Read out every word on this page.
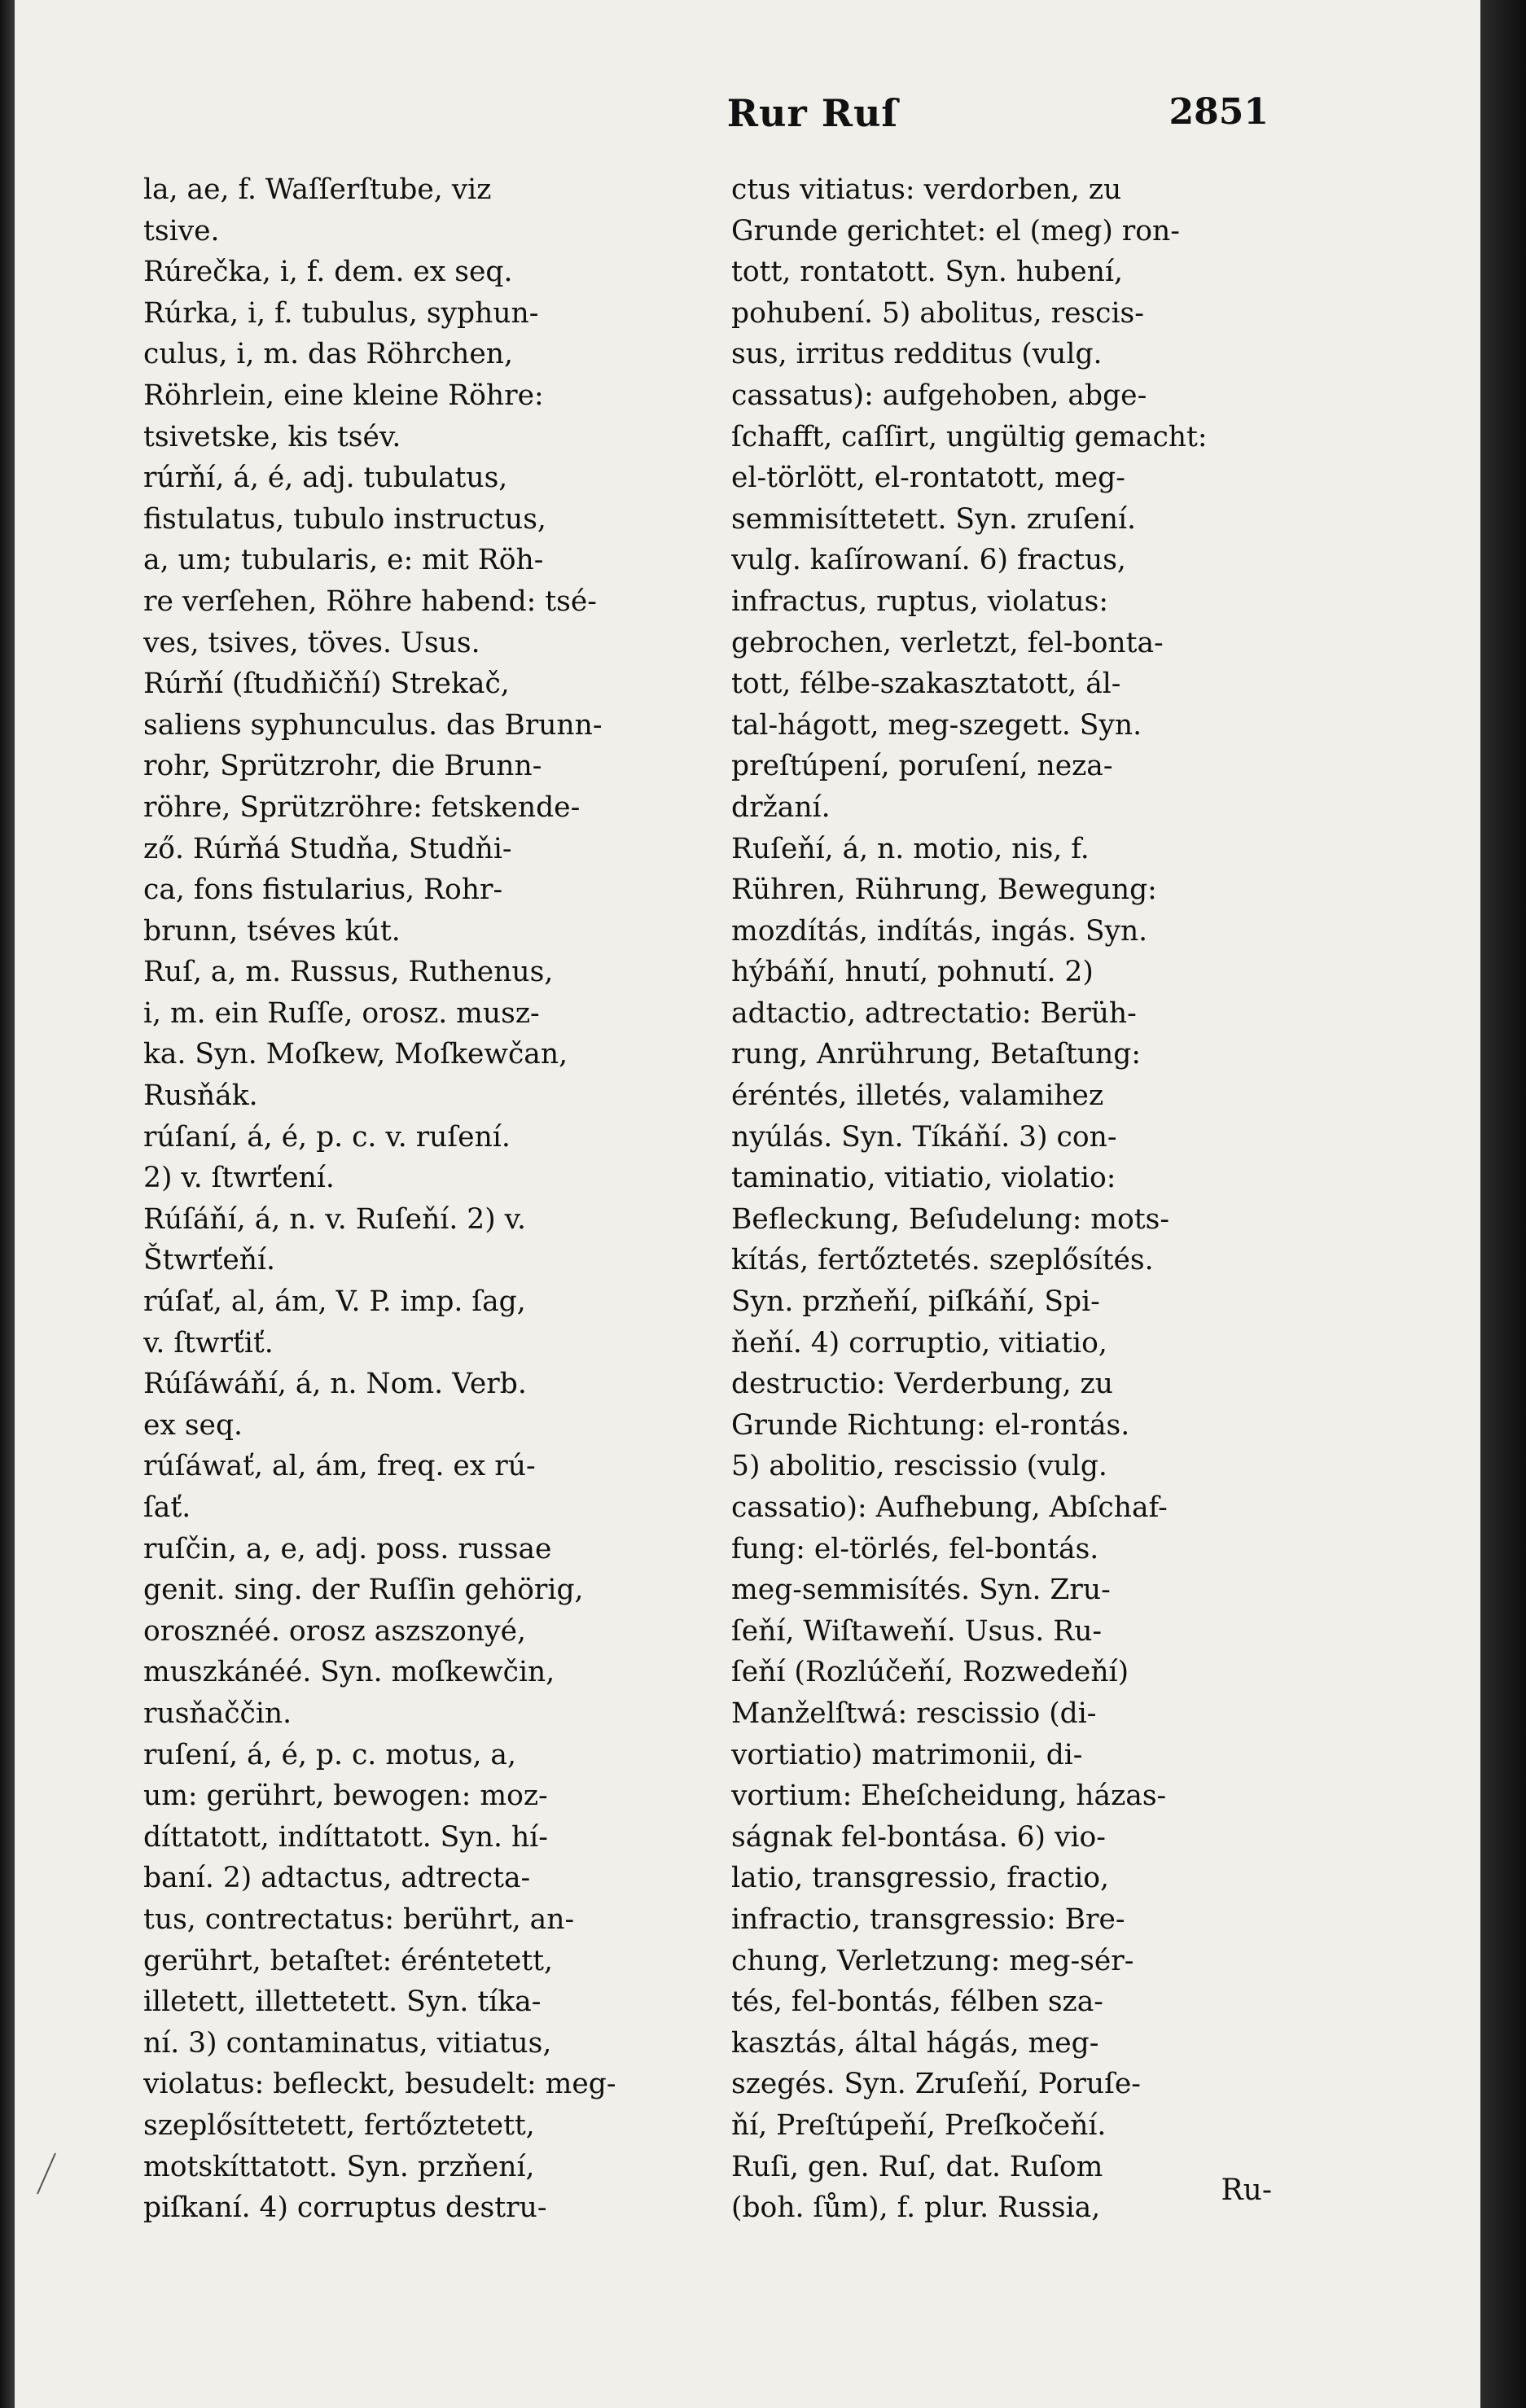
Rur Ruſ	2851
la, ae, f. Waſſerſtube, viz
tsive.
Rúrečka, i, f. dem. ex seq.
Rúrka, i, f. tubulus, syphun-
culus, i, m. das Röhrchen,
Röhrlein, eine kleine Röhre:
tsivetske, kis tsév.
rúrňí, á, é, adj. tubulatus,
fistulatus, tubulo instructus,
a, um; tubularis, e: mit Röh-
re verſehen, Röhre habend: tsé-
ves, tsives, töves. Usus.
Rúrňí (ſtudňičňí) Strekač,
saliens syphunculus. das Brunn-
rohr, Sprützrohr, die Brunn-
röhre, Sprützröhre: fetskende-
ző. Rúrňá Studňa, Studňi-
ca, fons fistularius, Rohr-
brunn, tséves kút.
Ruſ, a, m. Russus, Ruthenus,
i, m. ein Ruſſe, orosz. musz-
ka. Syn. Moſkew, Moſkewčan,
Rusňák.
rúſaní, á, é, p. c. v. ruſení.
2) v. ſtwrťení.
Rúſáňí, á, n. v. Ruſeňí. 2) v.
Štwrťeňí.
rúſať, al, ám, V. P. imp. ſag,
v. ſtwrťiť.
Rúſáwáňí, á, n. Nom. Verb.
ex seq.
rúſáwať, al, ám, freq. ex rú-
ſať.
ruſčin, a, e, adj. poss. russae
genit. sing. der Ruſſin gehörig,
orosznéé. orosz aszszonyé,
muszkánéé. Syn. moſkewčin,
rusňaččin.
ruſení, á, é, p. c. motus, a,
um: gerührt, bewogen: moz-
díttatott, indíttatott. Syn. hí-
baní. 2) adtactus, adtrecta-
tus, contrectatus: berührt, an-
gerührt, betaſtet: éréntetett,
illetett, illettetett. Syn. tíka-
ní. 3) contaminatus, vitiatus,
violatus: befleckt, besudelt: meg-
szeplősíttetett, fertőztetett,
motskíttatott. Syn. przňení,
piſkaní. 4) corruptus destru-
ctus vitiatus: verdorben, zu
Grunde gerichtet: el (meg) ron-
tott, rontatott. Syn. hubení,
pohubení. 5) abolitus, rescis-
sus, irritus redditus (vulg.
cassatus): aufgehoben, abge-
ſchafft, caſſirt, ungültig gemacht:
el-törlött, el-rontatott, meg-
semmisíttetett. Syn. zruſení.
vulg. kaſírowaní. 6) fractus,
infractus, ruptus, violatus:
gebrochen, verletzt, fel-bonta-
tott, félbe-szakasztatott, ál-
tal-hágott, meg-szegett. Syn.
preſtúpení, poruſení, neza-
držaní.
Ruſeňí, á, n. motio, nis, f.
Rühren, Rührung, Bewegung:
mozdítás, indítás, ingás. Syn.
hýbáňí, hnutí, pohnutí. 2)
adtactio, adtrectatio: Berüh-
rung, Anrührung, Betaſtung:
éréntés, illetés, valamihez
nyúlás. Syn. Tíkáňí. 3) con-
taminatio, vitiatio, violatio:
Befleckung, Beſudelung: mots-
kítás, fertőztetés. szeplősítés.
Syn. przňeňí, piſkáňí, Spi-
ňeňí. 4) corruptio, vitiatio,
destructio: Verderbung, zu
Grunde Richtung: el-rontás.
5) abolitio, rescissio (vulg.
cassatio): Aufhebung, Abſchaf-
fung: el-törlés, fel-bontás.
meg-semmisítés. Syn. Zru-
ſeňí, Wiſtaweňí. Usus. Ru-
ſeňí (Rozlúčeňí, Rozwedeňí)
Manželſtwá: rescissio (di-
vortiatio) matrimonii, di-
vortium: Eheſcheidung, házas-
ságnak fel-bontása. 6) vio-
latio, transgressio, fractio,
infractio, transgressio: Bre-
chung, Verletzung: meg-sér-
tés, fel-bontás, félben sza-
kasztás, által hágás, meg-
szegés. Syn. Zruſeňí, Poruſe-
ňí, Preſtúpeňí, Preſkočeňí.
Ruſi, gen. Ruſ, dat. Ruſom
(boh. ſům), f. plur. Russia,
Ru-
